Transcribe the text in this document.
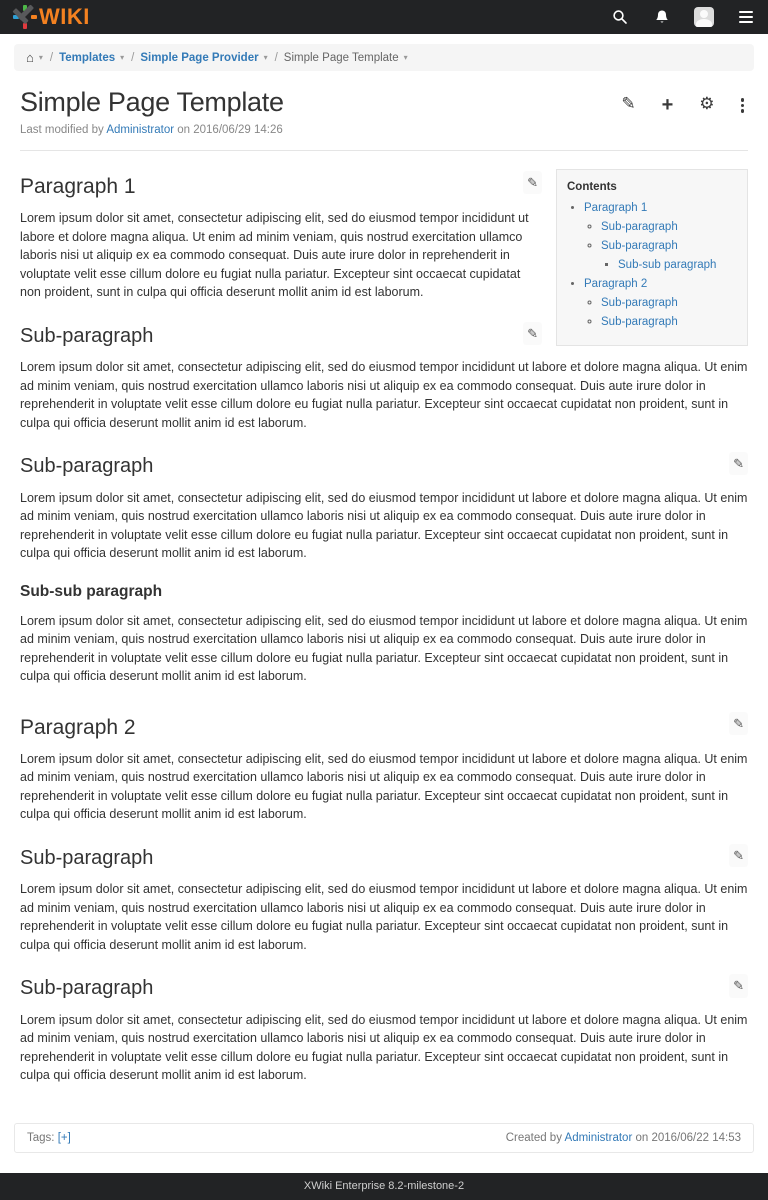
WIKI
⌂ ▾ / Templates ▾ / Simple Page Provider ▾ / Simple Page Template ▾
Simple Page Template	✎ + ⚙
Last modified by Administrator on 2016/06/29 14:26
Contents
• Paragraph 1
◦ Sub-paragraph
◦ Sub-paragraph
▪ Sub-sub paragraph
• Paragraph 2
◦ Sub-paragraph
◦ Sub-paragraph
✎
Paragraph 1

Lorem ipsum dolor sit amet, consectetur adipiscing elit, sed do eiusmod tempor incididunt ut labore et dolore magna aliqua. Ut enim ad minim veniam, quis nostrud exercitation ullamco laboris nisi ut aliquip ex ea commodo consequat. Duis aute irure dolor in reprehenderit in voluptate velit esse cillum dolore eu fugiat nulla pariatur. Excepteur sint occaecat cupidatat non proident, sunt in culpa qui officia deserunt mollit anim id est laborum.

✎
Sub-paragraph

Lorem ipsum dolor sit amet, consectetur adipiscing elit, sed do eiusmod tempor incididunt ut labore et dolore magna aliqua. Ut enim ad minim veniam, quis nostrud exercitation ullamco laboris nisi ut aliquip ex ea commodo consequat. Duis aute irure dolor in reprehenderit in voluptate velit esse cillum dolore eu fugiat nulla pariatur. Excepteur sint occaecat cupidatat non proident, sunt in culpa qui officia deserunt mollit anim id est laborum.

✎
Sub-paragraph

Lorem ipsum dolor sit amet, consectetur adipiscing elit, sed do eiusmod tempor incididunt ut labore et dolore magna aliqua. Ut enim ad minim veniam, quis nostrud exercitation ullamco laboris nisi ut aliquip ex ea commodo consequat. Duis aute irure dolor in reprehenderit in voluptate velit esse cillum dolore eu fugiat nulla pariatur. Excepteur sint occaecat cupidatat non proident, sunt in culpa qui officia deserunt mollit anim id est laborum.

Sub-sub paragraph

Lorem ipsum dolor sit amet, consectetur adipiscing elit, sed do eiusmod tempor incididunt ut labore et dolore magna aliqua. Ut enim ad minim veniam, quis nostrud exercitation ullamco laboris nisi ut aliquip ex ea commodo consequat. Duis aute irure dolor in reprehenderit in voluptate velit esse cillum dolore eu fugiat nulla pariatur. Excepteur sint occaecat cupidatat non proident, sunt in culpa qui officia deserunt mollit anim id est laborum.

✎
Paragraph 2

Lorem ipsum dolor sit amet, consectetur adipiscing elit, sed do eiusmod tempor incididunt ut labore et dolore magna aliqua. Ut enim ad minim veniam, quis nostrud exercitation ullamco laboris nisi ut aliquip ex ea commodo consequat. Duis aute irure dolor in reprehenderit in voluptate velit esse cillum dolore eu fugiat nulla pariatur. Excepteur sint occaecat cupidatat non proident, sunt in culpa qui officia deserunt mollit anim id est laborum.

✎
Sub-paragraph

Lorem ipsum dolor sit amet, consectetur adipiscing elit, sed do eiusmod tempor incididunt ut labore et dolore magna aliqua. Ut enim ad minim veniam, quis nostrud exercitation ullamco laboris nisi ut aliquip ex ea commodo consequat. Duis aute irure dolor in reprehenderit in voluptate velit esse cillum dolore eu fugiat nulla pariatur. Excepteur sint occaecat cupidatat non proident, sunt in culpa qui officia deserunt mollit anim id est laborum.

✎
Sub-paragraph

Lorem ipsum dolor sit amet, consectetur adipiscing elit, sed do eiusmod tempor incididunt ut labore et dolore magna aliqua. Ut enim ad minim veniam, quis nostrud exercitation ullamco laboris nisi ut aliquip ex ea commodo consequat. Duis aute irure dolor in reprehenderit in voluptate velit esse cillum dolore eu fugiat nulla pariatur. Excepteur sint occaecat cupidatat non proident, sunt in culpa qui officia deserunt mollit anim id est laborum.

Tags: [+]	Created by Administrator on 2016/06/22 14:53
XWiki Enterprise 8.2-milestone-2
